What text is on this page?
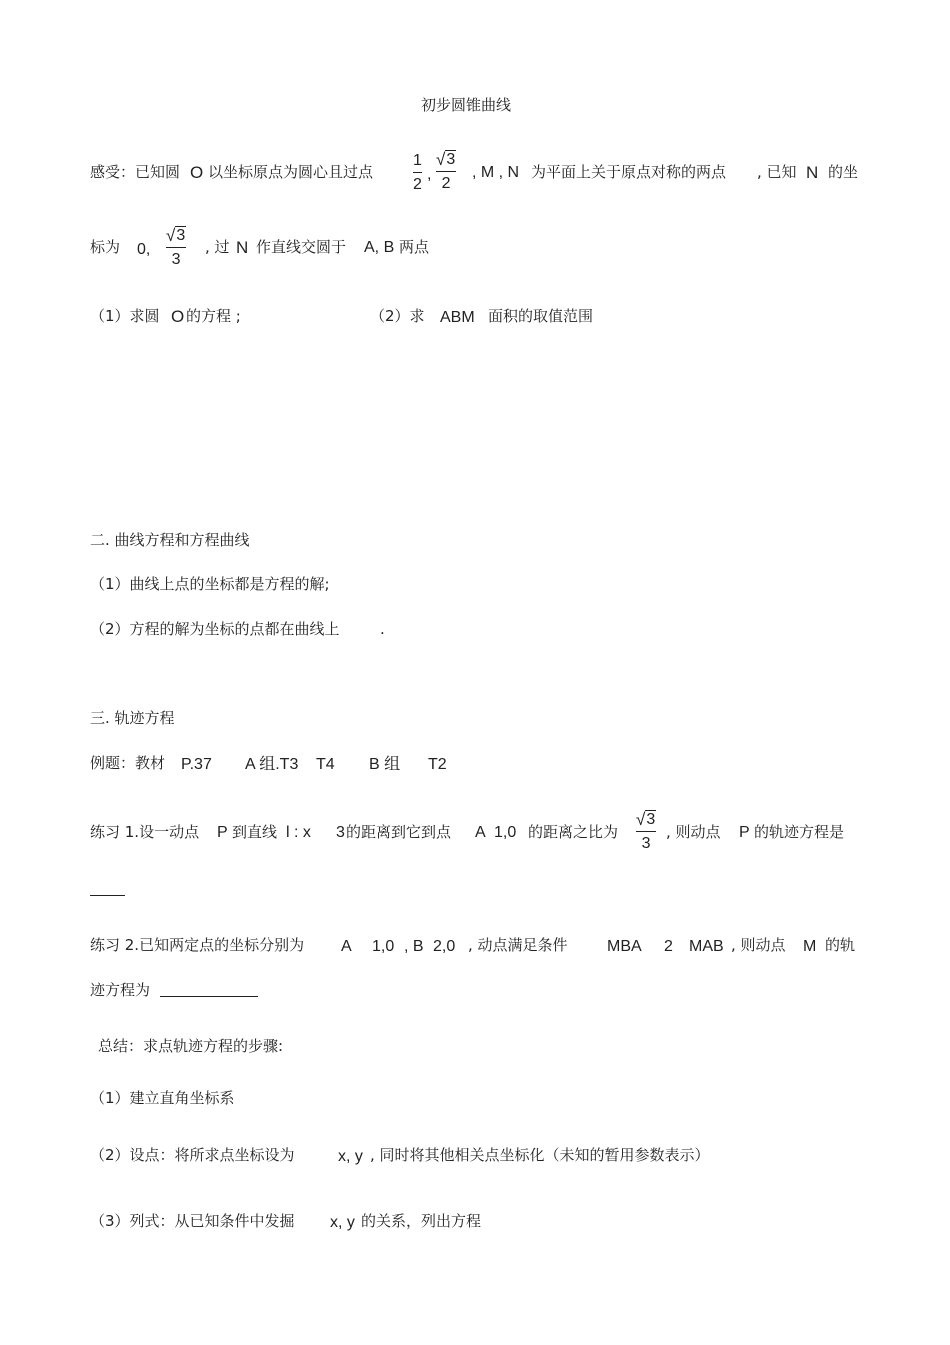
初步圆锥曲线
感受：已知圆 O 以坐标原点为圆心且过点
1
2
,
√ 3
2
, M , N 为平面上关于原点对称的两点 , 已知 N 的坐
标为 0,
√ 3
3
, 过 N 作直线交圆于 A, B 两点
（1）求圆 O 的方程 ;	（2）求 ABM 面积的取值范围
二. 曲线方程和方程曲线
（1）曲线上点的坐标都是方程的解;
（2）方程的解为坐标的点都在曲线上	.
三. 轨迹方程
例题：教材 P.37 A 组.T3 T4 B 组 T2
练习 1.设一动点 P 到直线 l : x 3 的距离到它到点 A 1,0 的距离之比为
√ 3
3
, 则动点 P 的轨迹方程是
练习 2.已知两定点的坐标分别为 A 1,0 , B 2,0 , 动点满足条件 MBA 2 MAB , 则动点 M 的轨
迹方程为
总结：求点轨迹方程的步骤:
（1）建立直角坐标系
（2）设点：将所求点坐标设为	x, y , 同时将其他相关点坐标化（未知的暂用参数表示）
（3）列式：从已知条件中发掘 x, y 的关系，列出方程
